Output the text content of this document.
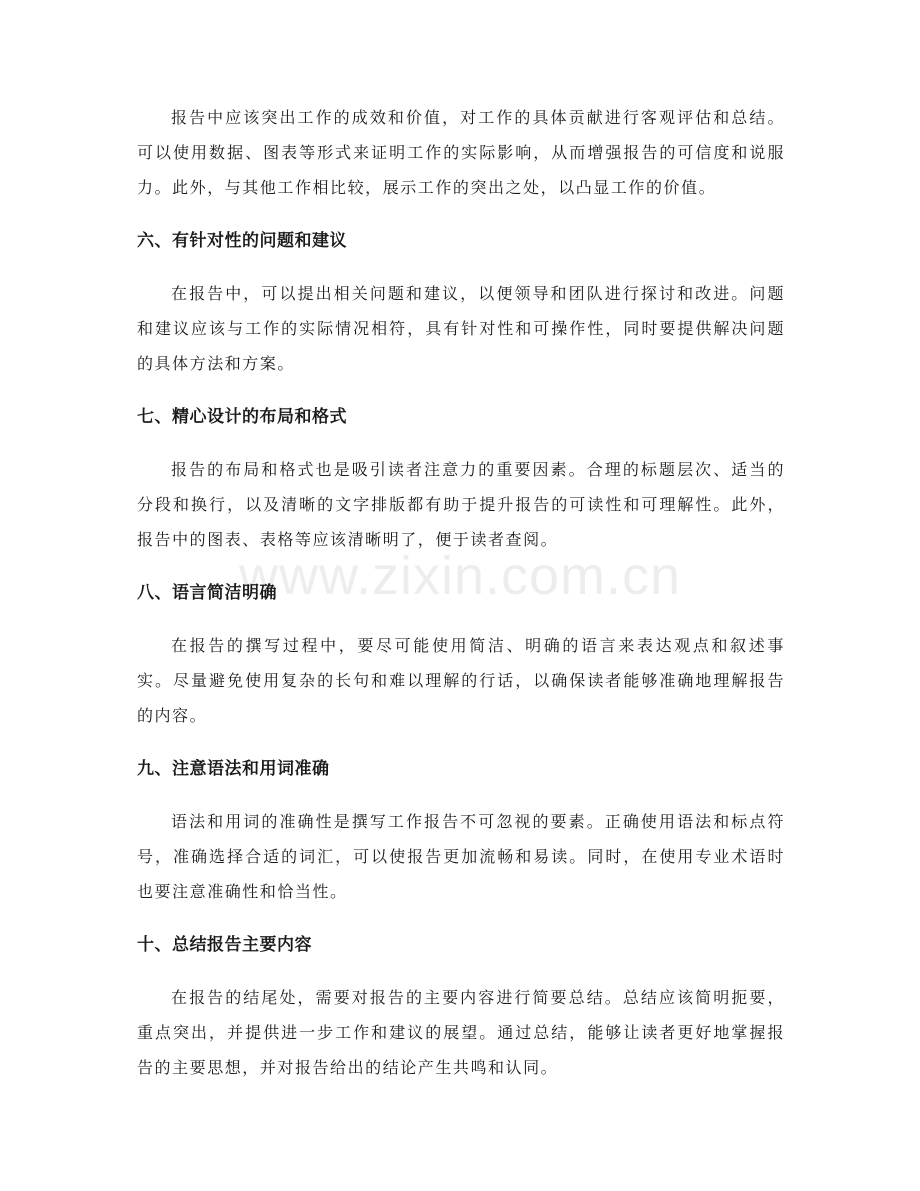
www.zixin.com.cn

报告中应该突出工作的成效和价值，对工作的具体贡献进行客观评估和总结。可以使用数据、图表等形式来证明工作的实际影响，从而增强报告的可信度和说服力。此外，与其他工作相比较，展示工作的突出之处，以凸显工作的价值。

六、有针对性的问题和建议

在报告中，可以提出相关问题和建议，以便领导和团队进行探讨和改进。问题和建议应该与工作的实际情况相符，具有针对性和可操作性，同时要提供解决问题的具体方法和方案。

七、精心设计的布局和格式

报告的布局和格式也是吸引读者注意力的重要因素。合理的标题层次、适当的分段和换行，以及清晰的文字排版都有助于提升报告的可读性和可理解性。此外，报告中的图表、表格等应该清晰明了，便于读者查阅。

八、语言简洁明确

在报告的撰写过程中，要尽可能使用简洁、明确的语言来表达观点和叙述事实。尽量避免使用复杂的长句和难以理解的行话，以确保读者能够准确地理解报告的内容。

九、注意语法和用词准确

语法和用词的准确性是撰写工作报告不可忽视的要素。正确使用语法和标点符号，准确选择合适的词汇，可以使报告更加流畅和易读。同时，在使用专业术语时也要注意准确性和恰当性。

十、总结报告主要内容

在报告的结尾处，需要对报告的主要内容进行简要总结。总结应该简明扼要，重点突出，并提供进一步工作和建议的展望。通过总结，能够让读者更好地掌握报告的主要思想，并对报告给出的结论产生共鸣和认同。
